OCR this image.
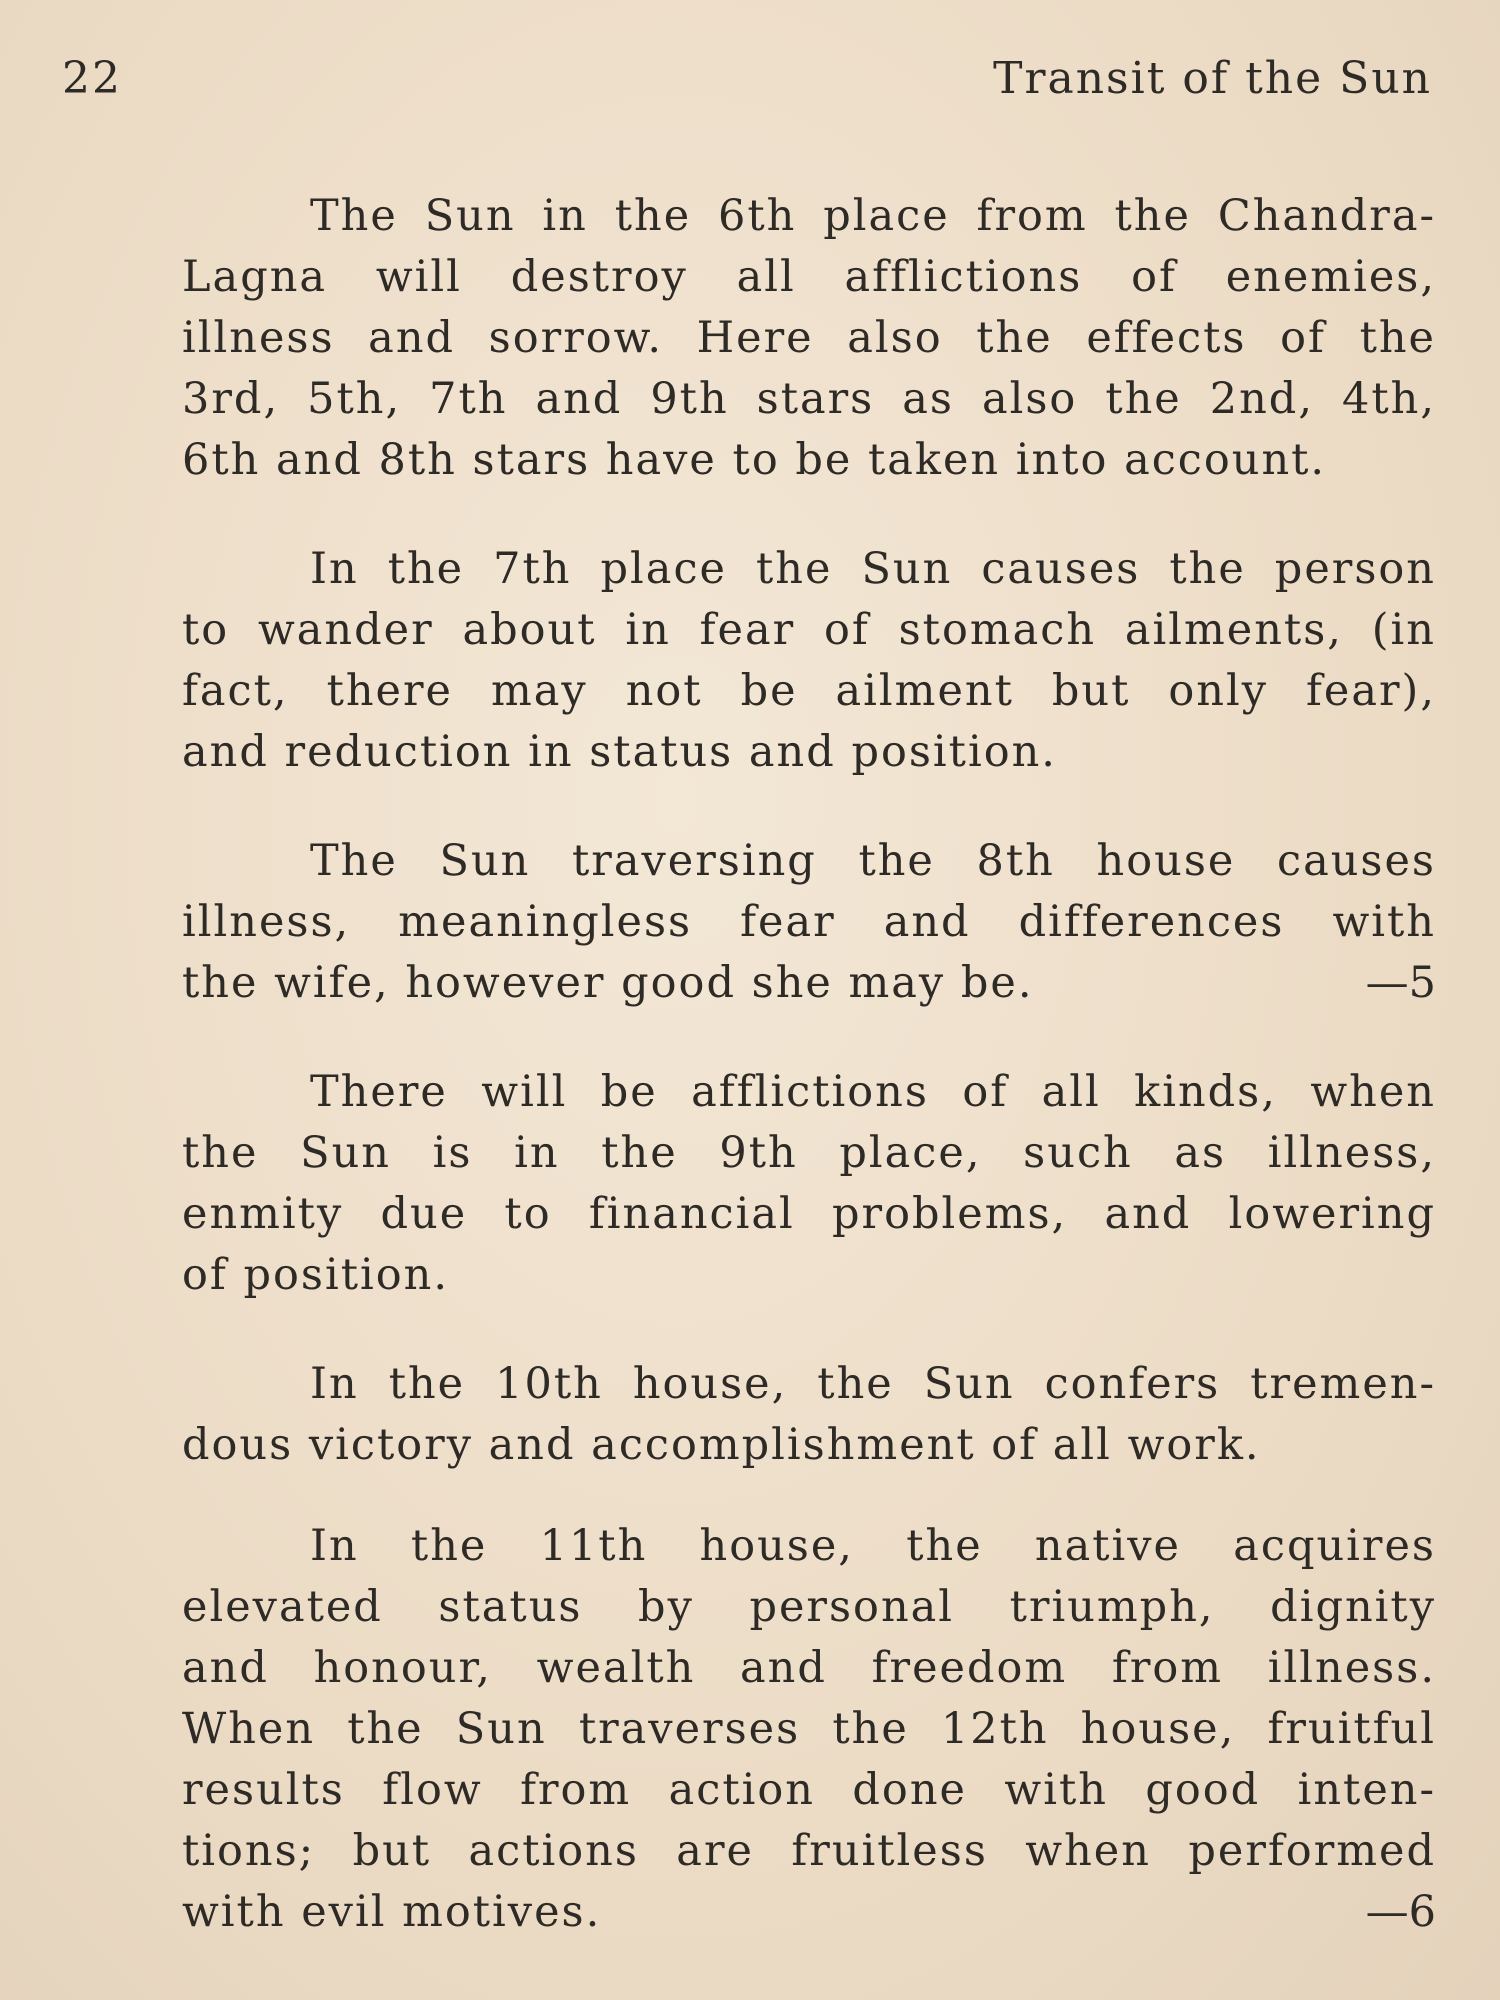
22	Transit of the Sun
The Sun in the 6th place from the Chandra-
Lagna will destroy all afflictions of enemies,
illness and sorrow. Here also the effects of the
3rd, 5th, 7th and 9th stars as also the 2nd, 4th,
6th and 8th stars have to be taken into account.
In the 7th place the Sun causes the person
to wander about in fear of stomach ailments, (in
fact, there may not be ailment but only fear),
and reduction in status and position.
The Sun traversing the 8th house causes
illness, meaningless fear and differences with
the wife, however good she may be.	—5
There will be afflictions of all kinds, when
the Sun is in the 9th place, such as illness,
enmity due to financial problems, and lowering
of position.
In the 10th house, the Sun confers tremen-
dous victory and accomplishment of all work.
In the 11th house, the native acquires
elevated status by personal triumph, dignity
and honour, wealth and freedom from illness.
When the Sun traverses the 12th house, fruitful
results flow from action done with good inten-
tions; but actions are fruitless when performed
with evil motives.	—6
